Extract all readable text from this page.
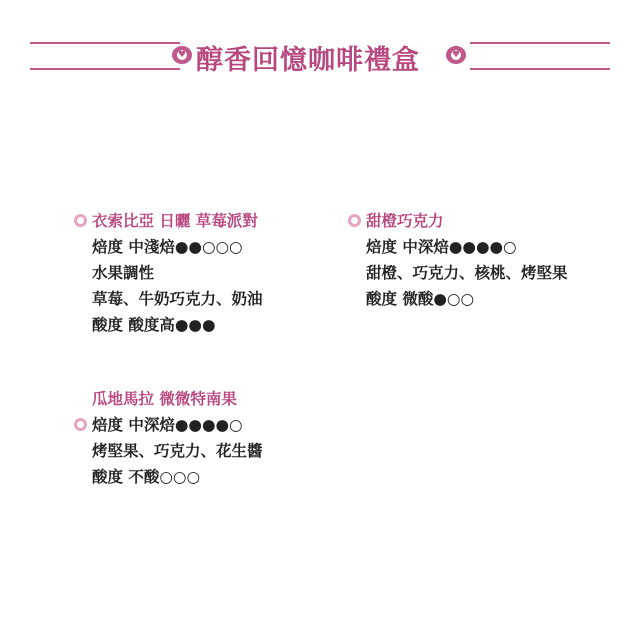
♥ 醇香回憶咖啡禮盒	♥
衣索比亞 日曬 草莓派對
焙度 中淺焙●●○○○
水果調性
草莓、牛奶巧克力、奶油
酸度 酸度高●●●
甜橙巧克力
焙度 中深焙●●●●○
甜橙、巧克力、核桃、烤堅果
酸度 微酸●○○
瓜地馬拉 微微特南果
焙度 中深焙●●●●○
烤堅果、巧克力、花生醬
酸度 不酸○○○
